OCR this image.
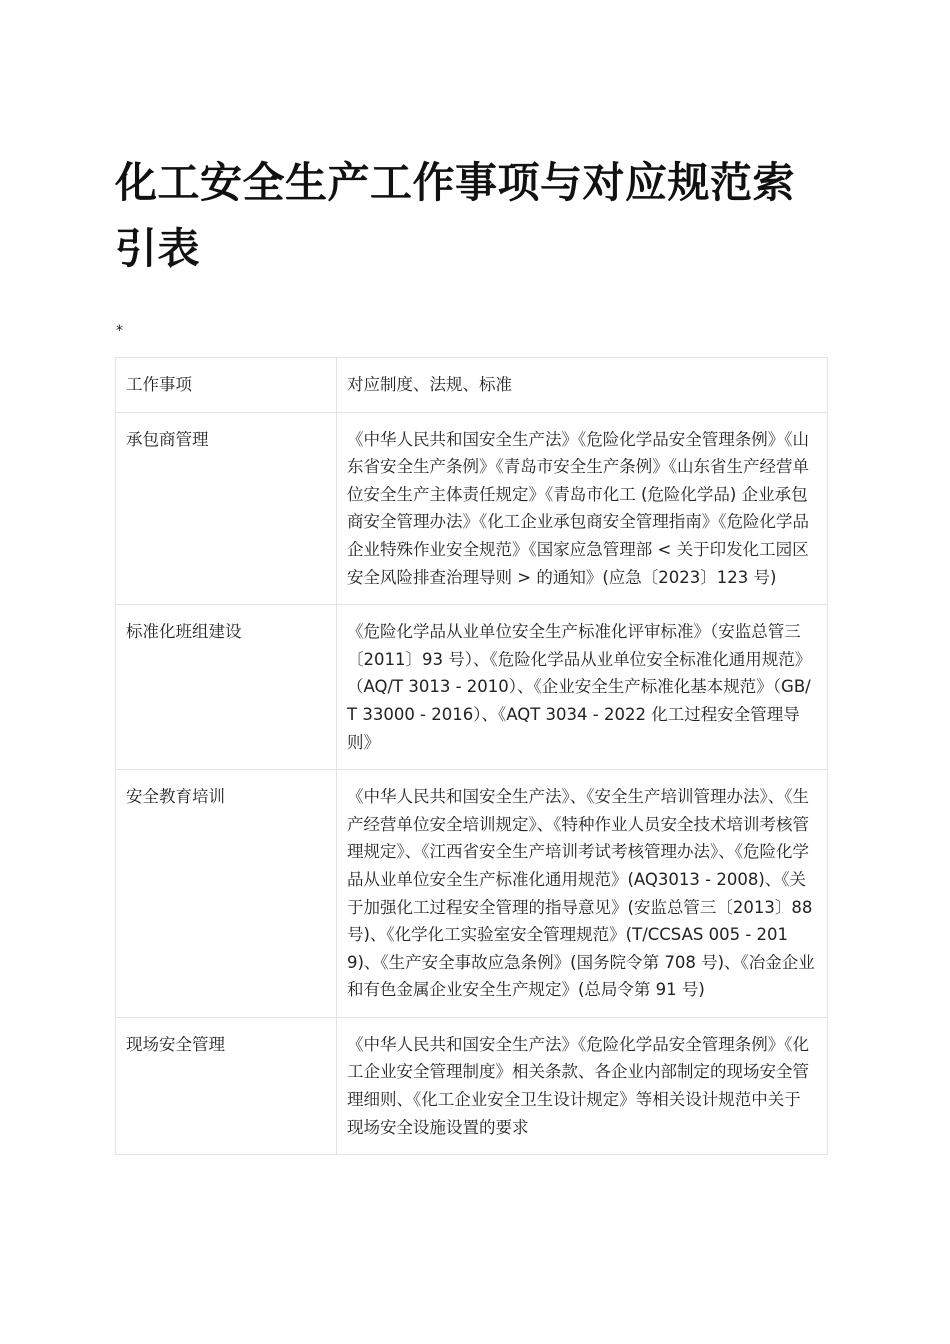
化工安全生产工作事项与对应规范索引表
*
工作事项	对应制度、法规、标准
承包商管理	《中华人民共和国安全生产法》《危险化学品安全管理条例》《山东省安全生产条例》《青岛市安全生产条例》《山东省生产经营单位安全生产主体责任规定》《青岛市化工 (危险化学品) 企业承包商安全管理办法》《化工企业承包商安全管理指南》《危险化学品企业特殊作业安全规范》《国家应急管理部 < 关于印发化工园区安全风险排查治理导则 > 的通知》(应急〔2023〕123 号)
标准化班组建设	《危险化学品从业单位安全生产标准化评审标准》（安监总管三〔2011〕93 号）、《危险化学品从业单位安全标准化通用规范》（AQ/T 3013 - 2010）、《企业安全生产标准化基本规范》（GB/T 33000 - 2016）、《AQT 3034 - 2022 化工过程安全管理导则》
安全教育培训	《中华人民共和国安全生产法》、《安全生产培训管理办法》、《生产经营单位安全培训规定》、《特种作业人员安全技术培训考核管理规定》、《江西省安全生产培训考试考核管理办法》、《危险化学品从业单位安全生产标准化通用规范》(AQ3013 - 2008)、《关于加强化工过程安全管理的指导意见》(安监总管三〔2013〕88 号)、《化学化工实验室安全管理规范》(T/CCSAS 005 - 2019)、《生产安全事故应急条例》(国务院令第 708 号)、《冶金企业和有色金属企业安全生产规定》(总局令第 91 号)
现场安全管理	《中华人民共和国安全生产法》《危险化学品安全管理条例》《化工企业安全管理制度》相关条款、各企业内部制定的现场安全管理细则、《化工企业安全卫生设计规定》等相关设计规范中关于现场安全设施设置的要求
